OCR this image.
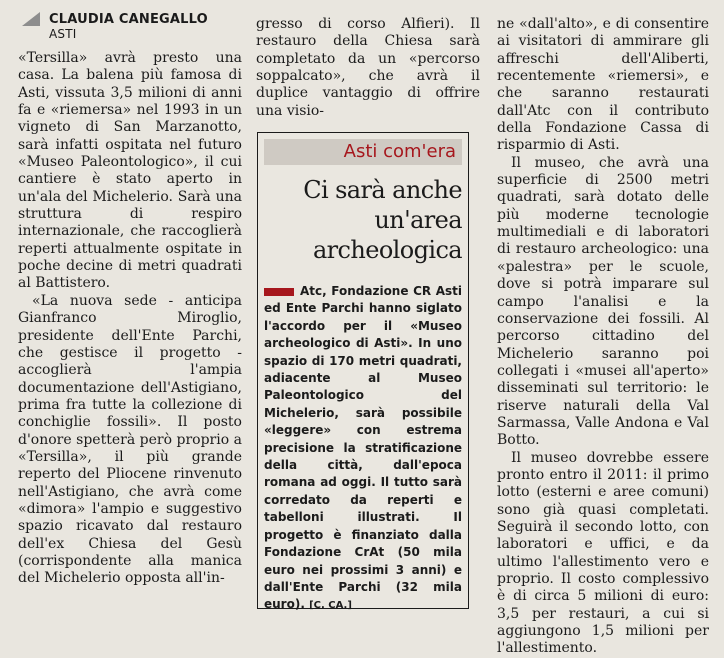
CLAUDIA CANEGALLO
ASTI

«Tersilla» avrà presto una casa. La balena più famosa di Asti, vissuta 3,5 milioni di anni fa e «riemersa» nel 1993 in un vigneto di San Marzanotto, sarà infatti ospitata nel futuro «Museo Paleontologico», il cui cantiere è stato aperto in un'ala del Michelerio. Sarà una struttura di respiro internazionale, che raccoglierà reperti attualmente ospitate in poche decine di metri quadrati al Battistero.

«La nuova sede - anticipa Gianfranco Miroglio, presidente dell'Ente Parchi, che gestisce il progetto - accoglierà l'ampia documentazione dell'Astigiano, prima fra tutte la collezione di conchiglie fossili». Il posto d'onore spetterà però proprio a «Tersilla», il più grande reperto del Pliocene rinvenuto nell'Astigiano, che avrà come «dimora» l'ampio e suggestivo spazio ricavato dal restauro dell'ex Chiesa del Gesù (corrispondente alla manica del Michelerio opposta all'in-

gresso di corso Alfieri). Il restauro della Chiesa sarà completato da un «percorso soppalcato», che avrà il duplice vantaggio di offrire una visio-

Asti com'era
Ci sarà anche
un'area
archeologica
Atc, Fondazione CR Asti ed Ente Parchi hanno siglato l'accordo per il «Museo archeologico di Asti». In uno spazio di 170 metri quadrati, adiacente al Museo Paleontologico del Michelerio, sarà possibile «leggere» con estrema precisione la stratificazione della città, dall'epoca romana ad oggi. Il tutto sarà corredato da reperti e tabelloni illustrati. Il progetto è finanziato dalla Fondazione CrAt (50 mila euro nei prossimi 3 anni) e dall'Ente Parchi (32 mila euro). [C. CA.]

ne «dall'alto», e di consentire ai visitatori di ammirare gli affreschi dell'Aliberti, recentemente «riemersi», e che saranno restaurati dall'Atc con il contributo della Fondazione Cassa di risparmio di Asti.

Il museo, che avrà una superficie di 2500 metri quadrati, sarà dotato delle più moderne tecnologie multimediali e di laboratori di restauro archeologico: una «palestra» per le scuole, dove si potrà imparare sul campo l'analisi e la conservazione dei fossili. Al percorso cittadino del Michelerio saranno poi collegati i «musei all'aperto» disseminati sul territorio: le riserve naturali della Val Sarmassa, Valle Andona e Val Botto.

Il museo dovrebbe essere pronto entro il 2011: il primo lotto (esterni e aree comuni) sono già quasi completati. Seguirà il secondo lotto, con laboratori e uffici, e da ultimo l'allestimento vero e proprio. Il costo complessivo è di circa 5 milioni di euro: 3,5 per restauri, a cui si aggiungono 1,5 milioni per l'allestimento.
